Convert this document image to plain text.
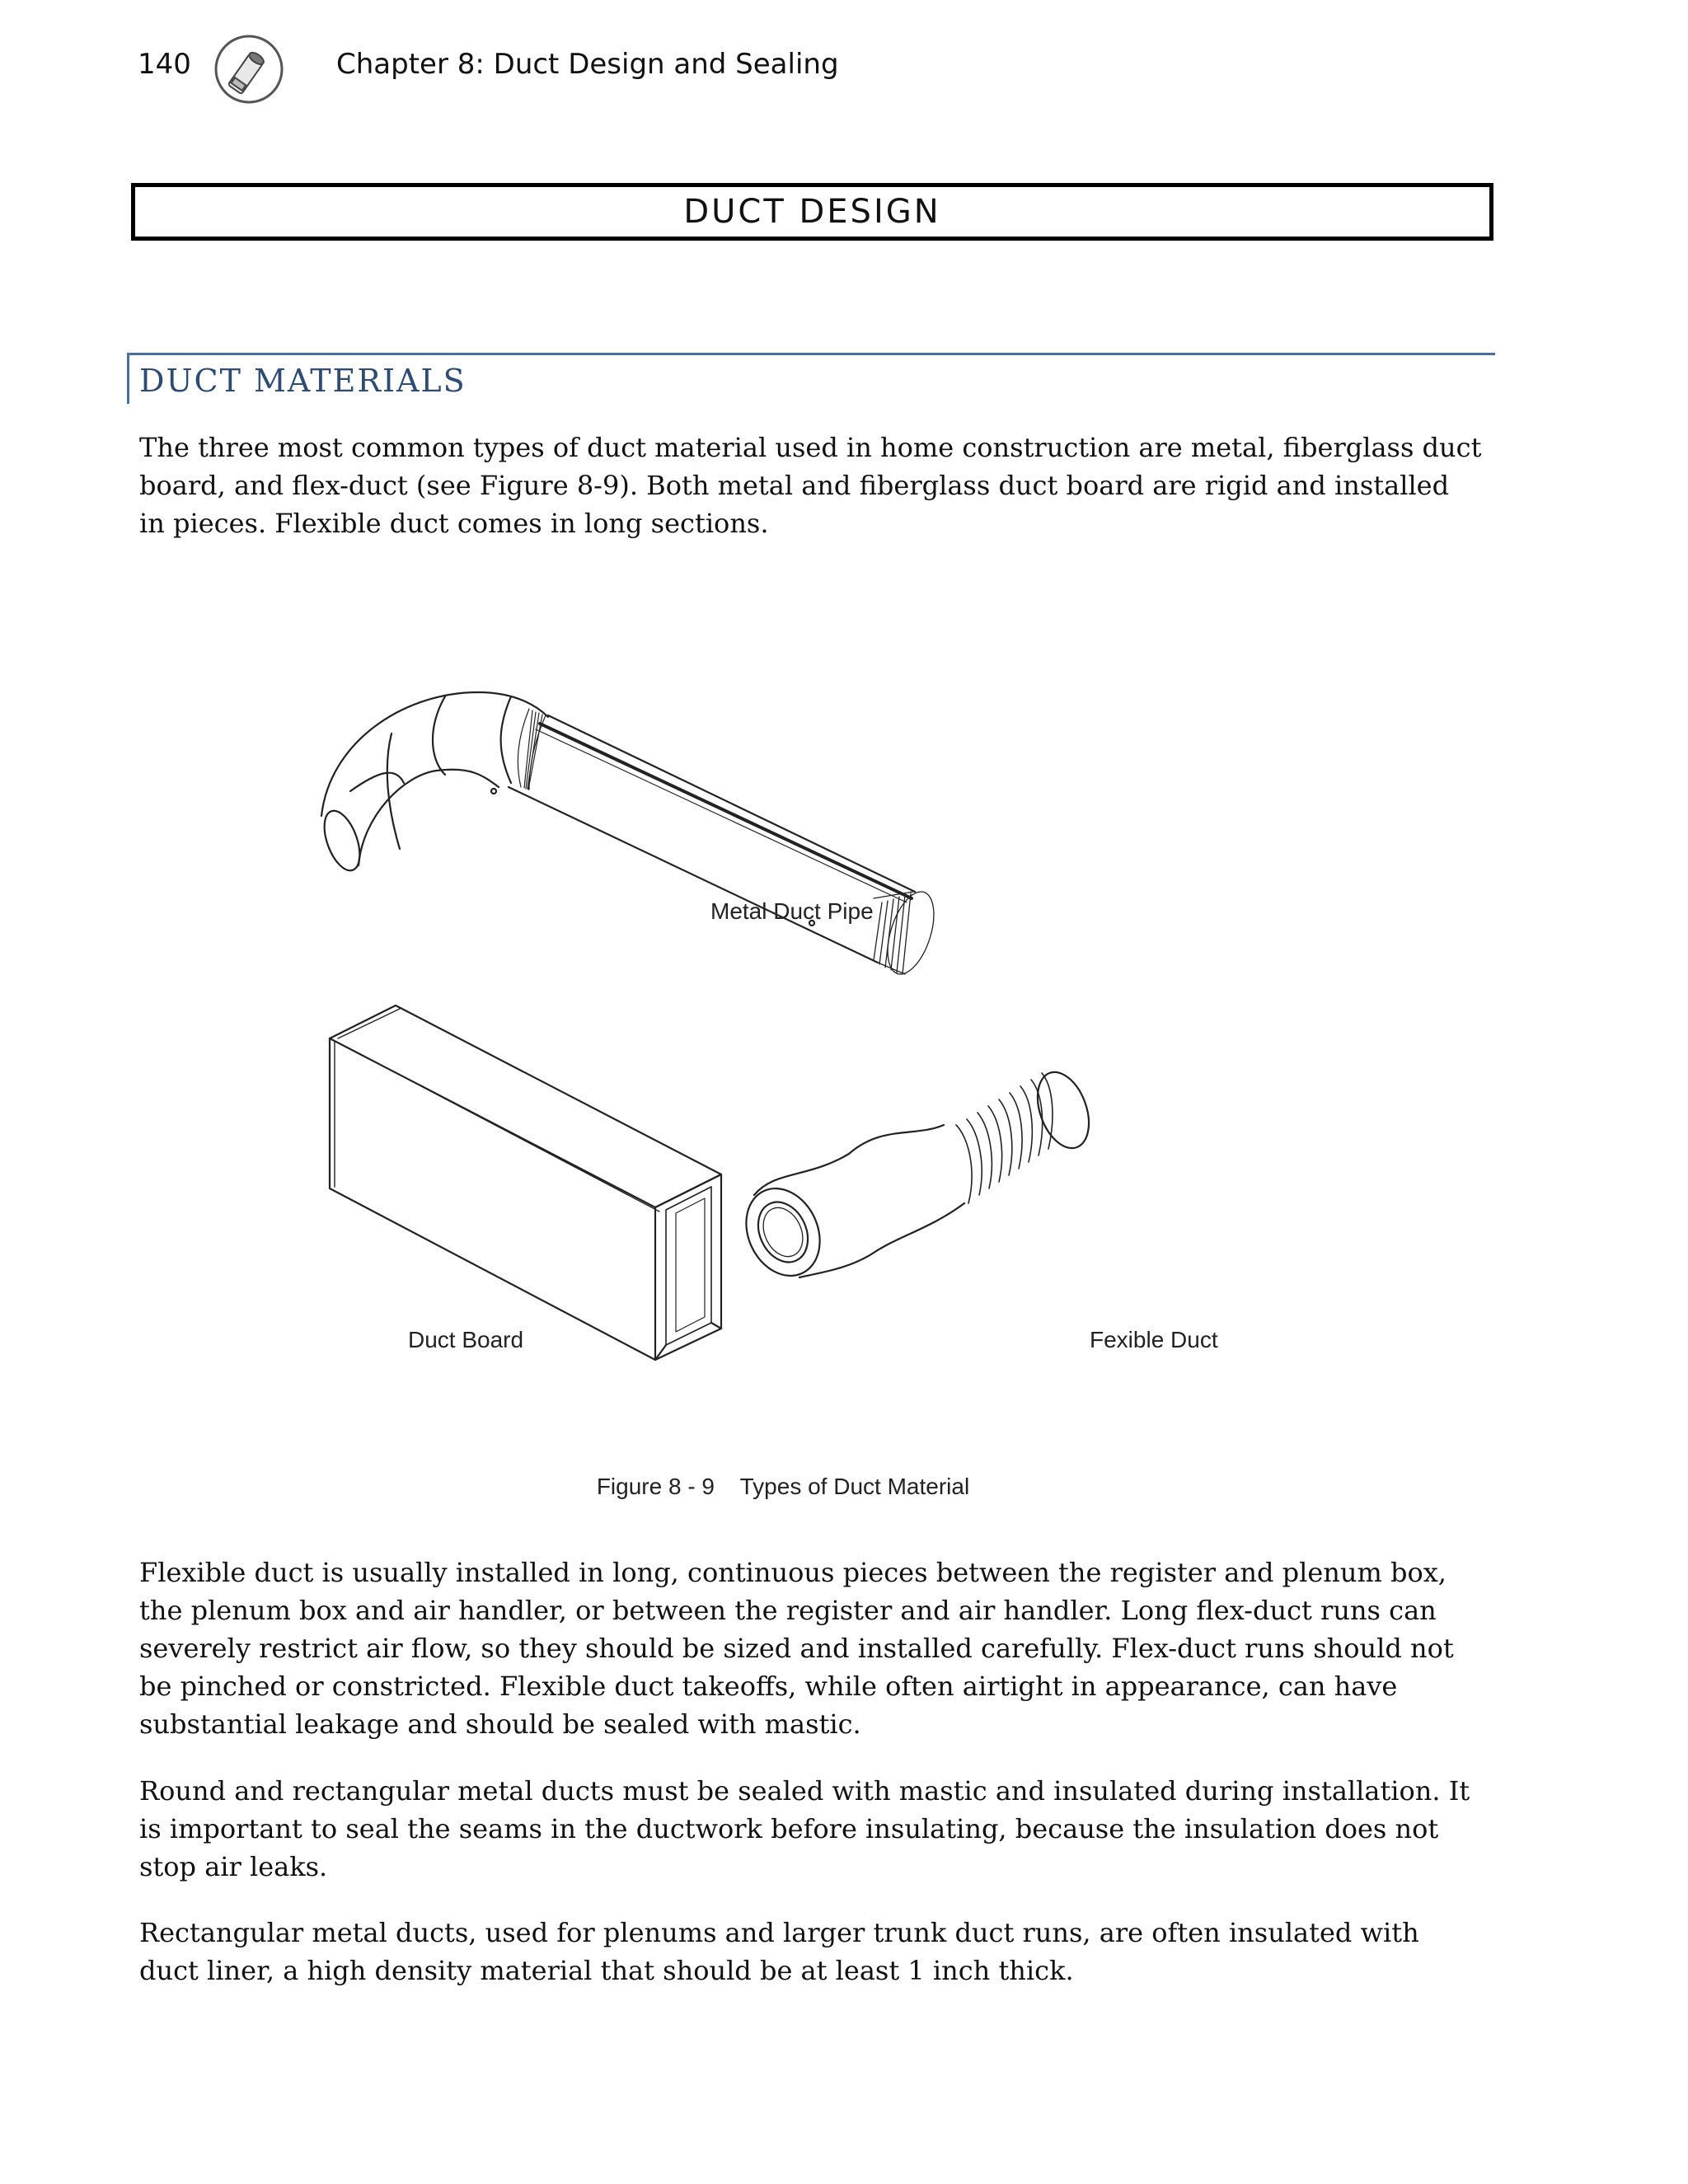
140	Chapter 8: Duct Design and Sealing
DUCT DESIGN
DUCT MATERIALS

The three most common types of duct material used in home construction are metal, fiberglass duct board, and flex-duct (see Figure 8-9). Both metal and fiberglass duct board are rigid and installed in pieces. Flexible duct comes in long sections.

Metal Duct Pipe
Duct Board	Fexible Duct
Figure 8 - 9    Types of Duct Material

Flexible duct is usually installed in long, continuous pieces between the register and plenum box, the plenum box and air handler, or between the register and air handler. Long flex-duct runs can severely restrict air flow, so they should be sized and installed carefully. Flex-duct runs should not be pinched or constricted. Flexible duct takeoffs, while often airtight in appearance, can have substantial leakage and should be sealed with mastic.

Round and rectangular metal ducts must be sealed with mastic and insulated during installation. It is important to seal the seams in the ductwork before insulating, because the insulation does not stop air leaks.

Rectangular metal ducts, used for plenums and larger trunk duct runs, are often insulated with duct liner, a high density material that should be at least 1 inch thick.
